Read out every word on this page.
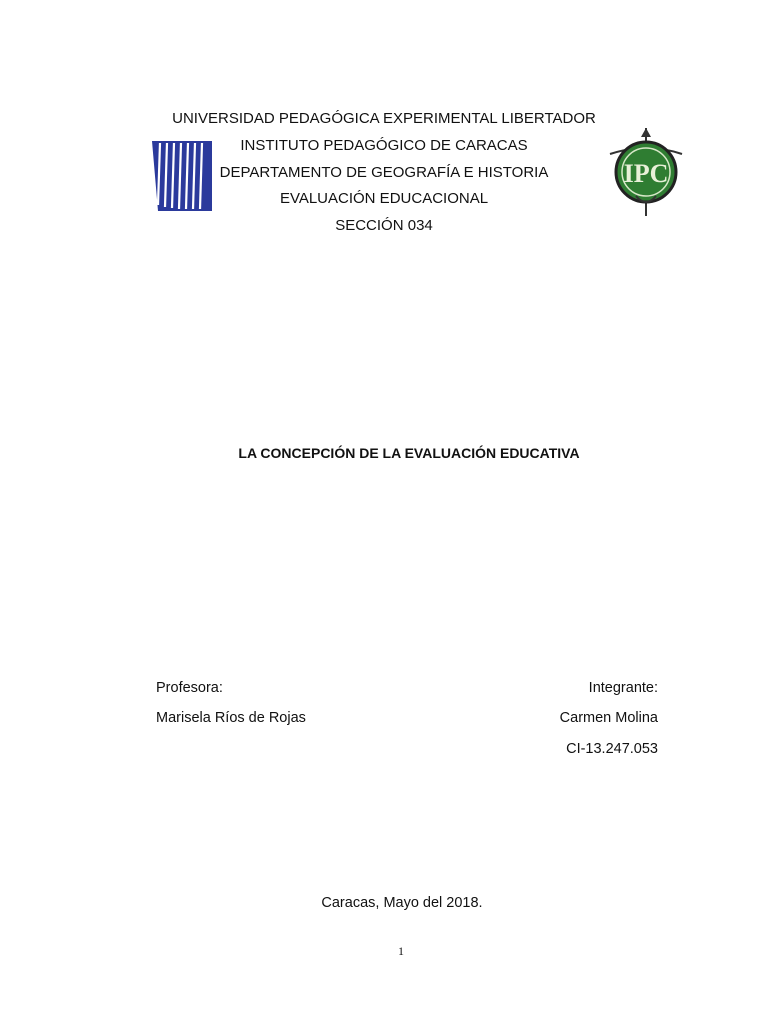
UNIVERSIDAD PEDAGÓGICA EXPERIMENTAL LIBERTADOR
INSTITUTO PEDAGÓGICO DE CARACAS
DEPARTAMENTO DE GEOGRAFÍA E HISTORIA
EVALUACIÓN EDUCACIONAL
SECCIÓN 034
IPC
LA CONCEPCIÓN DE LA EVALUACIÓN EDUCATIVA
Profesora:
Marisela Ríos de Rojas
Integrante:
Carmen Molina
CI-13.247.053
Caracas, Mayo del 2018.
1
